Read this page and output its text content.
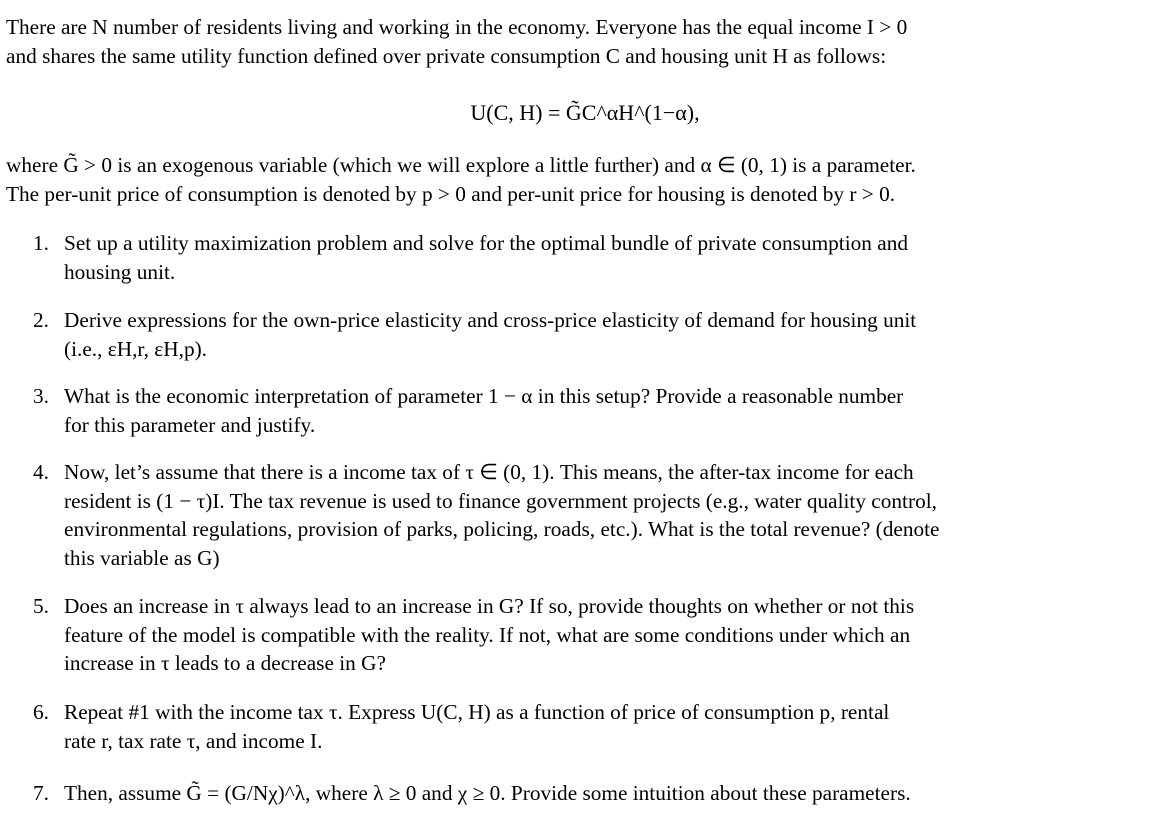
There are N number of residents living and working in the economy. Everyone has the equal income I > 0
and shares the same utility function defined over private consumption C and housing unit H as follows:
U(C, H) = G̃C^αH^(1−α),
where G̃ > 0 is an exogenous variable (which we will explore a little further) and α ∈ (0, 1) is a parameter.
The per-unit price of consumption is denoted by p > 0 and per-unit price for housing is denoted by r > 0.
1. Set up a utility maximization problem and solve for the optimal bundle of private consumption and
housing unit.
2. Derive expressions for the own-price elasticity and cross-price elasticity of demand for housing unit
(i.e., εH,r, εH,p).
3. What is the economic interpretation of parameter 1 − α in this setup? Provide a reasonable number
for this parameter and justify.
4. Now, let’s assume that there is a income tax of τ ∈ (0, 1). This means, the after-tax income for each
resident is (1 − τ)I. The tax revenue is used to finance government projects (e.g., water quality control,
environmental regulations, provision of parks, policing, roads, etc.). What is the total revenue? (denote
this variable as G)
5. Does an increase in τ always lead to an increase in G? If so, provide thoughts on whether or not this
feature of the model is compatible with the reality. If not, what are some conditions under which an
increase in τ leads to a decrease in G?
6. Repeat #1 with the income tax τ. Express U(C, H) as a function of price of consumption p, rental
rate r, tax rate τ, and income I.
7. Then, assume G̃ = (G/Nχ)^λ, where λ ≥ 0 and χ ≥ 0. Provide some intuition about these parameters.
